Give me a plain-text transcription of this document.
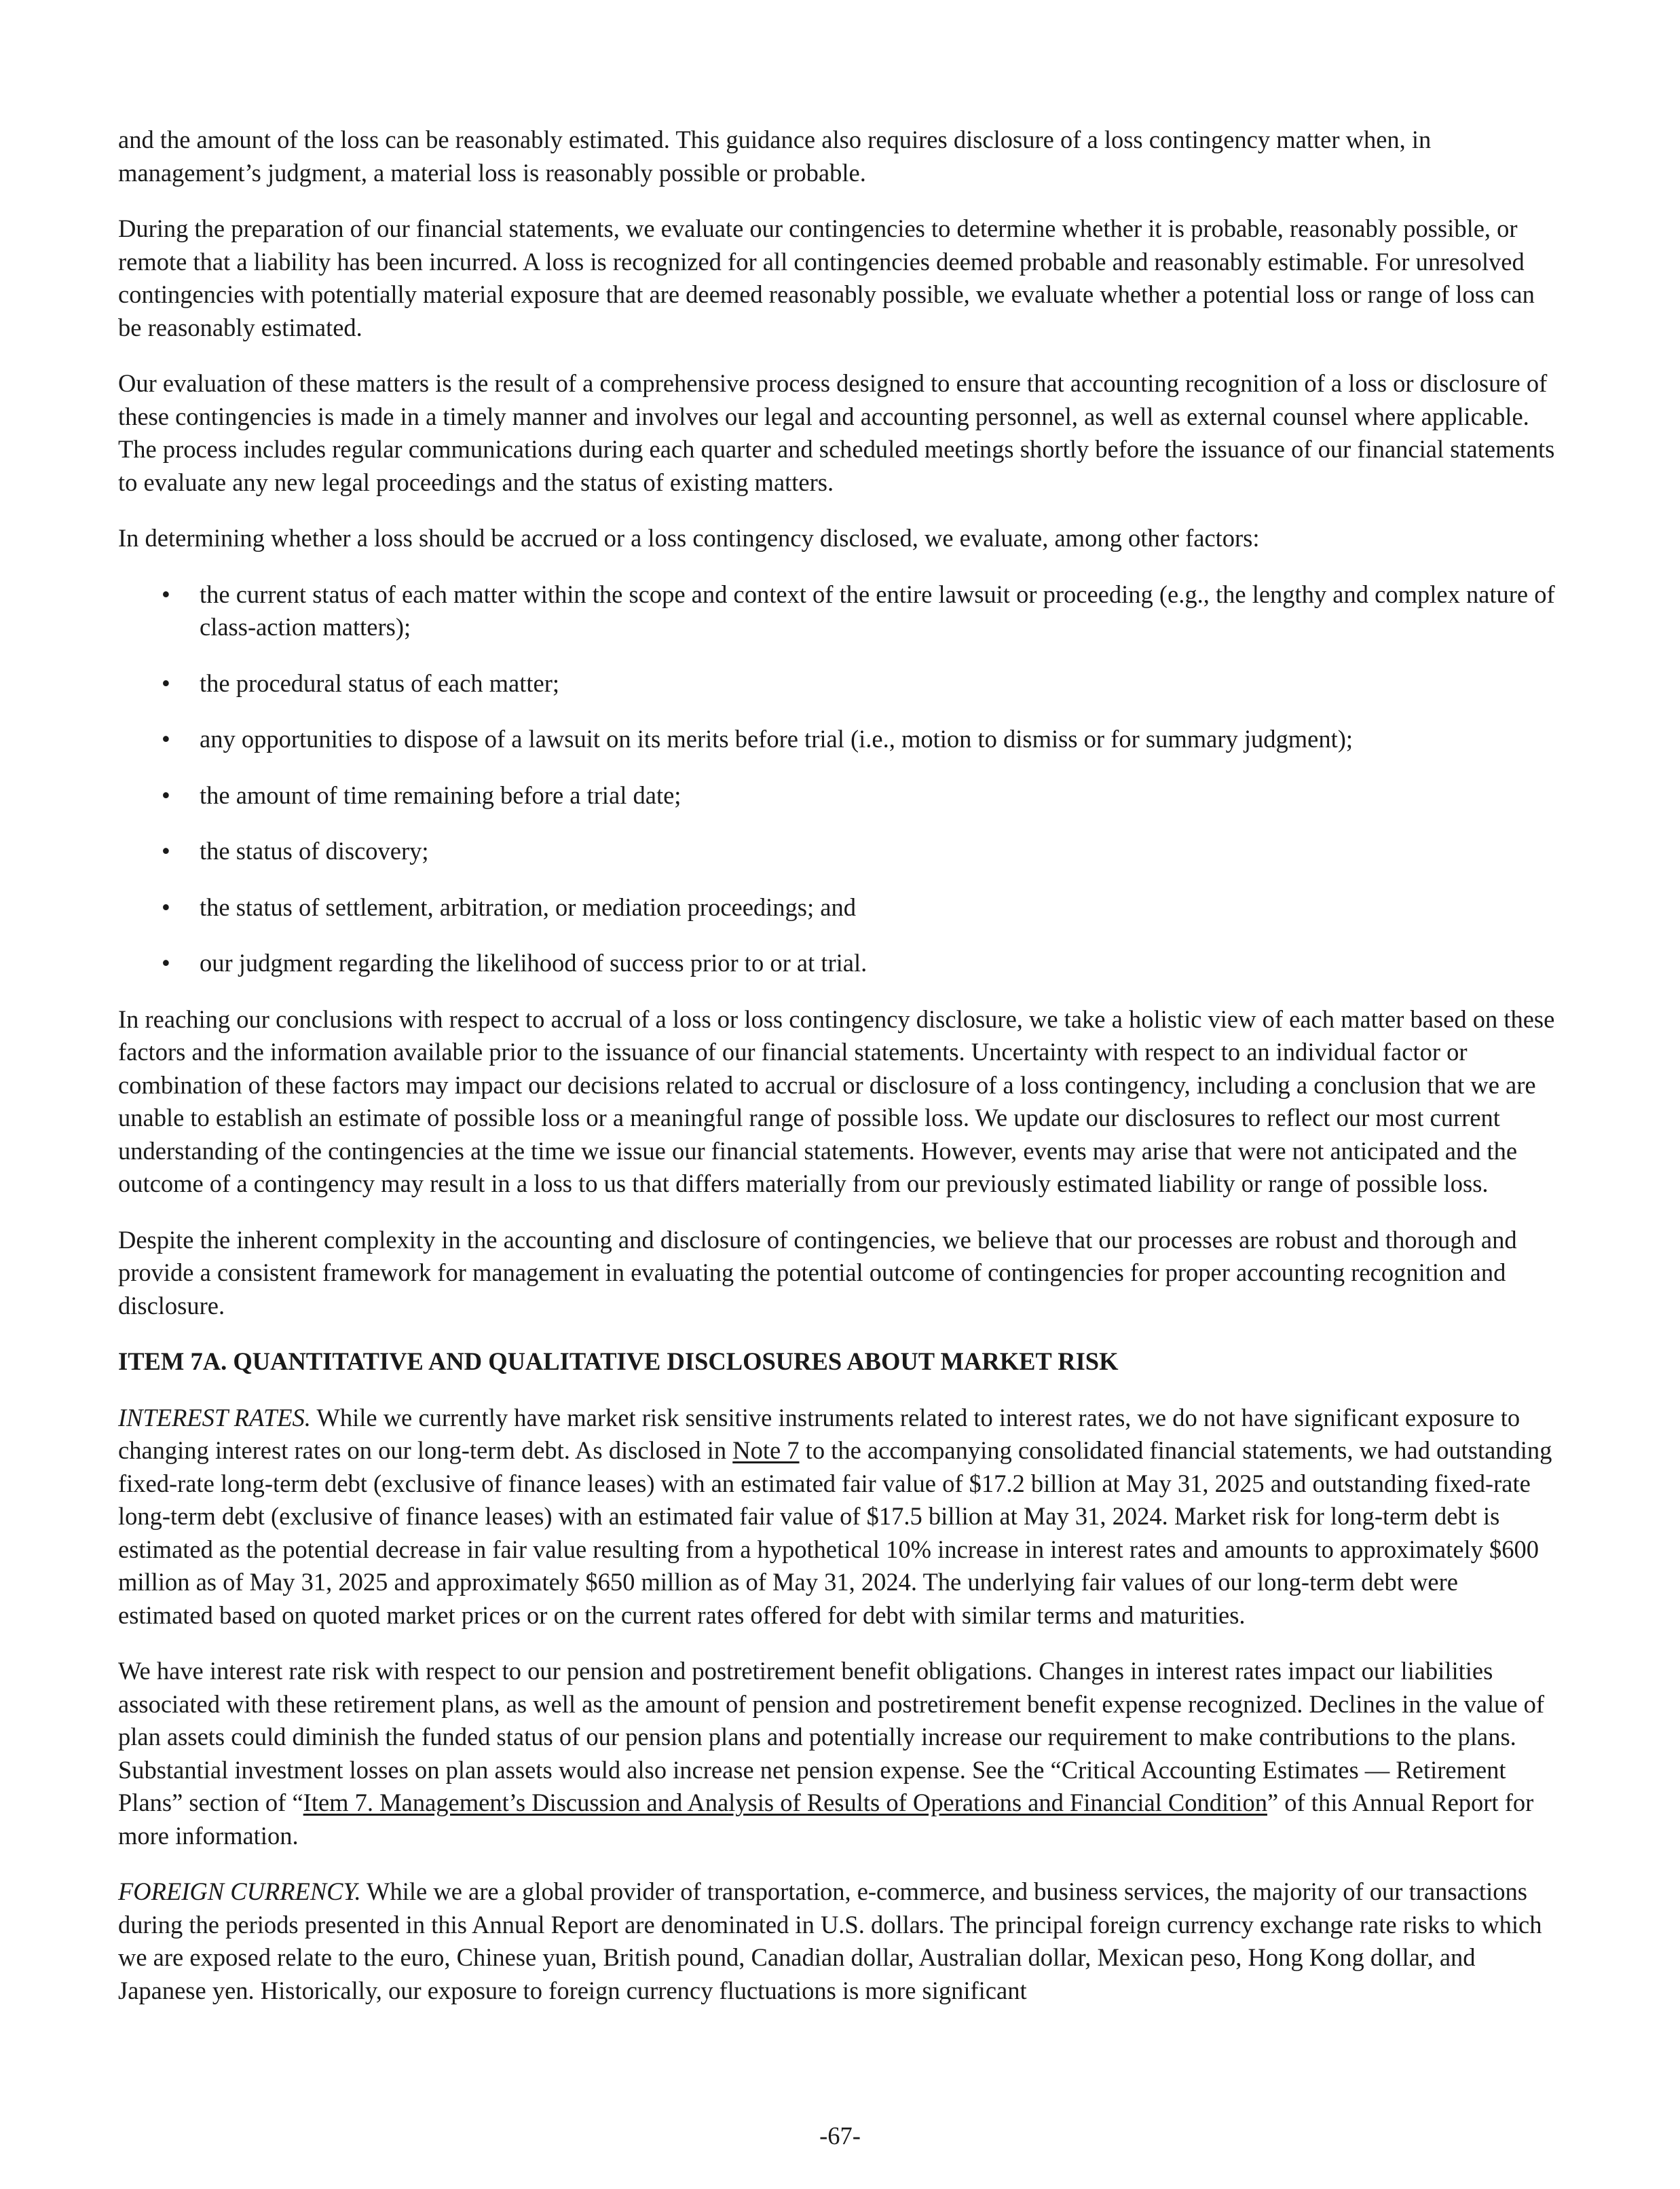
and the amount of the loss can be reasonably estimated. This guidance also requires disclosure of a loss contingency matter when, in management’s judgment, a material loss is reasonably possible or probable.

During the preparation of our financial statements, we evaluate our contingencies to determine whether it is probable, reasonably possible, or remote that a liability has been incurred. A loss is recognized for all contingencies deemed probable and reasonably estimable. For unresolved contingencies with potentially material exposure that are deemed reasonably possible, we evaluate whether a potential loss or range of loss can be reasonably estimated.

Our evaluation of these matters is the result of a comprehensive process designed to ensure that accounting recognition of a loss or disclosure of these contingencies is made in a timely manner and involves our legal and accounting personnel, as well as external counsel where applicable. The process includes regular communications during each quarter and scheduled meetings shortly before the issuance of our financial statements to evaluate any new legal proceedings and the status of existing matters.

In determining whether a loss should be accrued or a loss contingency disclosed, we evaluate, among other factors:

• the current status of each matter within the scope and context of the entire lawsuit or proceeding (e.g., the lengthy and complex nature of class-action matters);
• the procedural status of each matter;
• any opportunities to dispose of a lawsuit on its merits before trial (i.e., motion to dismiss or for summary judgment);
• the amount of time remaining before a trial date;
• the status of discovery;
• the status of settlement, arbitration, or mediation proceedings; and
• our judgment regarding the likelihood of success prior to or at trial.

In reaching our conclusions with respect to accrual of a loss or loss contingency disclosure, we take a holistic view of each matter based on these factors and the information available prior to the issuance of our financial statements. Uncertainty with respect to an individual factor or combination of these factors may impact our decisions related to accrual or disclosure of a loss contingency, including a conclusion that we are unable to establish an estimate of possible loss or a meaningful range of possible loss. We update our disclosures to reflect our most current understanding of the contingencies at the time we issue our financial statements. However, events may arise that were not anticipated and the outcome of a contingency may result in a loss to us that differs materially from our previously estimated liability or range of possible loss.

Despite the inherent complexity in the accounting and disclosure of contingencies, we believe that our processes are robust and thorough and provide a consistent framework for management in evaluating the potential outcome of contingencies for proper accounting recognition and disclosure.

ITEM 7A. QUANTITATIVE AND QUALITATIVE DISCLOSURES ABOUT MARKET RISK

INTEREST RATES. While we currently have market risk sensitive instruments related to interest rates, we do not have significant exposure to changing interest rates on our long-term debt. As disclosed in Note 7 to the accompanying consolidated financial statements, we had outstanding fixed-rate long-term debt (exclusive of finance leases) with an estimated fair value of $17.2 billion at May 31, 2025 and outstanding fixed-rate long-term debt (exclusive of finance leases) with an estimated fair value of $17.5 billion at May 31, 2024. Market risk for long-term debt is estimated as the potential decrease in fair value resulting from a hypothetical 10% increase in interest rates and amounts to approximately $600 million as of May 31, 2025 and approximately $650 million as of May 31, 2024. The underlying fair values of our long-term debt were estimated based on quoted market prices or on the current rates offered for debt with similar terms and maturities.

We have interest rate risk with respect to our pension and postretirement benefit obligations. Changes in interest rates impact our liabilities associated with these retirement plans, as well as the amount of pension and postretirement benefit expense recognized. Declines in the value of plan assets could diminish the funded status of our pension plans and potentially increase our requirement to make contributions to the plans. Substantial investment losses on plan assets would also increase net pension expense. See the “Critical Accounting Estimates — Retirement Plans” section of “Item 7. Management’s Discussion and Analysis of Results of Operations and Financial Condition” of this Annual Report for more information.

FOREIGN CURRENCY. While we are a global provider of transportation, e-commerce, and business services, the majority of our transactions during the periods presented in this Annual Report are denominated in U.S. dollars. The principal foreign currency exchange rate risks to which we are exposed relate to the euro, Chinese yuan, British pound, Canadian dollar, Australian dollar, Mexican peso, Hong Kong dollar, and Japanese yen. Historically, our exposure to foreign currency fluctuations is more significant

-67-
